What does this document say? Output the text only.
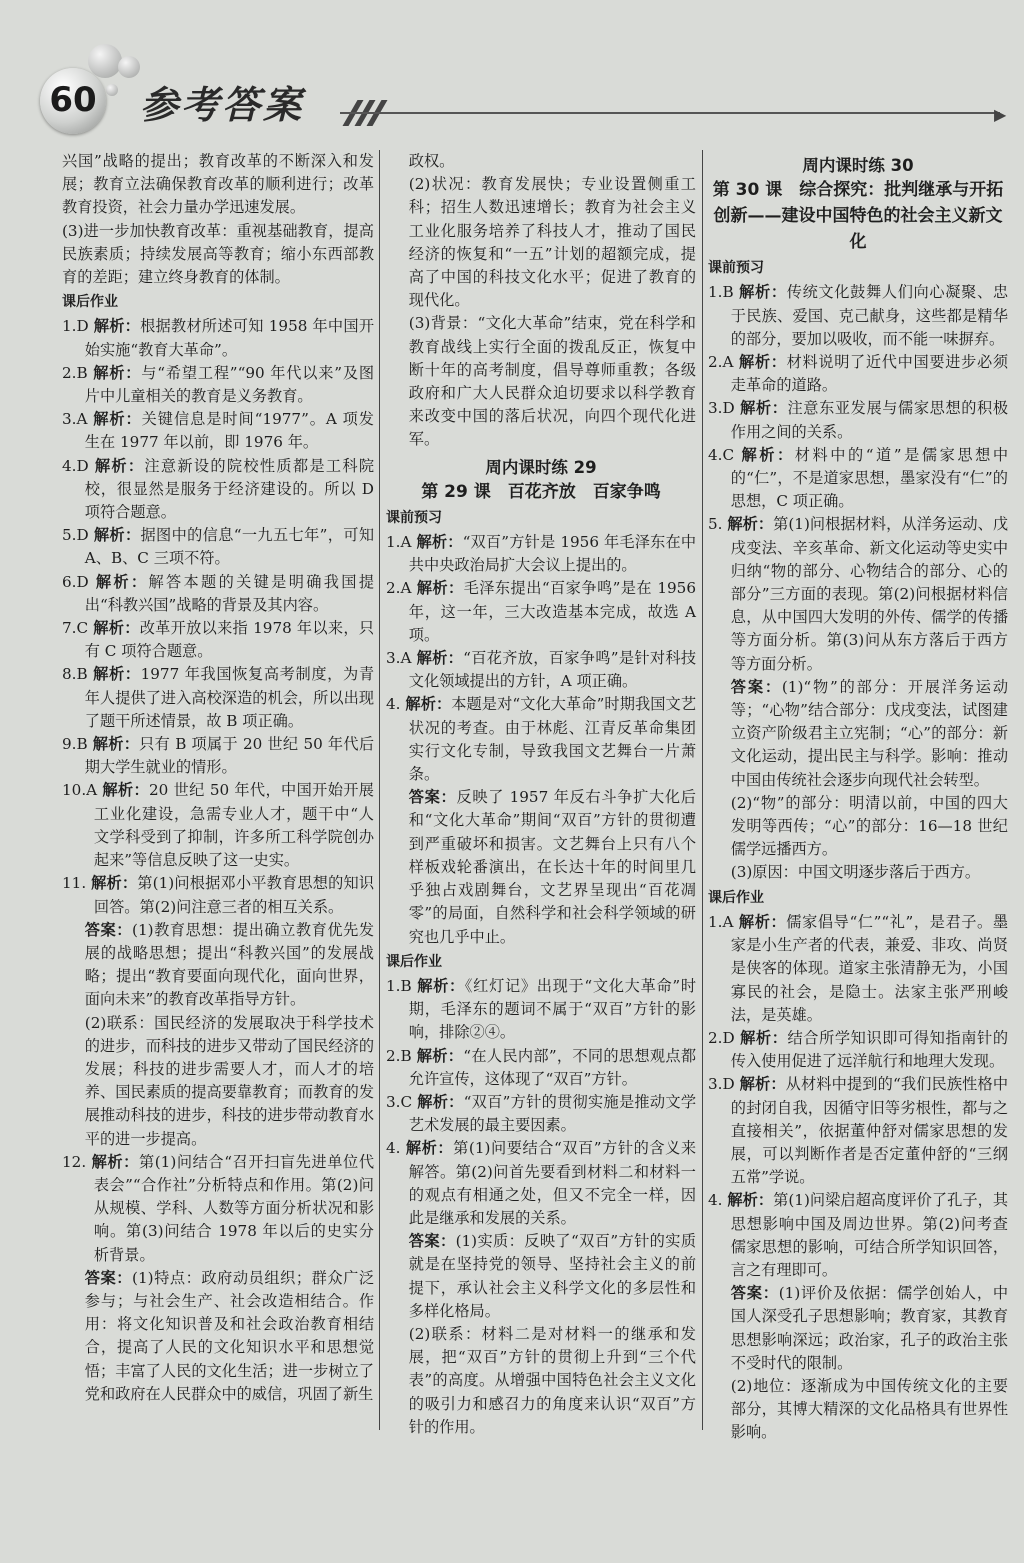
60 参考答案	▶

兴国”战略的提出；教育改革的不断深入和发展；教育立法确保教育改革的顺利进行；改革教育投资，社会力量办学迅速发展。

(3)进一步加快教育改革：重视基础教育，提高民族素质；持续发展高等教育；缩小东西部教育的差距；建立终身教育的体制。

课后作业

1.D 解析：根据教材所述可知 1958 年中国开始实施“教育大革命”。

2.B 解析：与“希望工程”“90 年代以来”及图片中儿童相关的教育是义务教育。

3.A 解析：关键信息是时间“1977”。A 项发生在 1977 年以前，即 1976 年。

4.D 解析：注意新设的院校性质都是工科院校，很显然是服务于经济建设的。所以 D 项符合题意。

5.D 解析：据图中的信息“一九五七年”，可知 A、B、C 三项不符。

6.D 解析：解答本题的关键是明确我国提出“科教兴国”战略的背景及其内容。

7.C 解析：改革开放以来指 1978 年以来，只有 C 项符合题意。

8.B 解析：1977 年我国恢复高考制度，为青年人提供了进入高校深造的机会，所以出现了题干所述情景，故 B 项正确。

9.B 解析：只有 B 项属于 20 世纪 50 年代后期大学生就业的情形。

10.A 解析：20 世纪 50 年代，中国开始开展工业化建设，急需专业人才，题干中“人文学科受到了抑制，许多所工科学院创办起来”等信息反映了这一史实。

11. 解析：第(1)问根据邓小平教育思想的知识回答。第(2)问注意三者的相互关系。

答案：(1)教育思想：提出确立教育优先发展的战略思想；提出“科教兴国”的发展战略；提出“教育要面向现代化，面向世界，面向未来”的教育改革指导方针。

(2)联系：国民经济的发展取决于科学技术的进步，而科技的进步又带动了国民经济的发展；科技的进步需要人才，而人才的培养、国民素质的提高要靠教育；而教育的发展推动科技的进步，科技的进步带动教育水平的进一步提高。

12. 解析：第(1)问结合“召开扫盲先进单位代表会”“合作社”分析特点和作用。第(2)问从规模、学科、人数等方面分析状况和影响。第(3)问结合 1978 年以后的史实分析背景。

答案：(1)特点：政府动员组织；群众广泛参与；与社会生产、社会改造相结合。作用：将文化知识普及和社会政治教育相结合，提高了人民的文化知识水平和思想觉悟；丰富了人民的文化生活；进一步树立了党和政府在人民群众中的威信，巩固了新生

政权。

(2)状况：教育发展快；专业设置侧重工科；招生人数迅速增长；教育为社会主义工业化服务培养了科技人才，推动了国民经济的恢复和“一五”计划的超额完成，提高了中国的科技文化水平；促进了教育的现代化。

(3)背景：“文化大革命”结束，党在科学和教育战线上实行全面的拨乱反正，恢复中断十年的高考制度，倡导尊师重教；各级政府和广大人民群众迫切要求以科学教育来改变中国的落后状况，向四个现代化进军。

周内课时练 29
第 29 课　百花齐放　百家争鸣
课前预习

1.A 解析：“双百”方针是 1956 年毛泽东在中共中央政治局扩大会议上提出的。

2.A 解析：毛泽东提出“百家争鸣”是在 1956 年，这一年，三大改造基本完成，故选 A 项。

3.A 解析：“百花齐放，百家争鸣”是针对科技文化领域提出的方针，A 项正确。

4. 解析：本题是对“文化大革命”时期我国文艺状况的考查。由于林彪、江青反革命集团实行文化专制，导致我国文艺舞台一片萧条。

答案：反映了 1957 年反右斗争扩大化后和“文化大革命”期间“双百”方针的贯彻遭到严重破坏和损害。文艺舞台上只有八个样板戏轮番演出，在长达十年的时间里几乎独占戏剧舞台，文艺界呈现出“百花凋零”的局面，自然科学和社会科学领域的研究也几乎中止。

课后作业

1.B 解析：《红灯记》出现于“文化大革命”时期，毛泽东的题词不属于“双百”方针的影响，排除②④。

2.B 解析：“在人民内部”，不同的思想观点都允许宣传，这体现了“双百”方针。

3.C 解析：“双百”方针的贯彻实施是推动文学艺术发展的最主要因素。

4. 解析：第(1)问要结合“双百”方针的含义来解答。第(2)问首先要看到材料二和材料一的观点有相通之处，但又不完全一样，因此是继承和发展的关系。

答案：(1)实质：反映了“双百”方针的实质就是在坚持党的领导、坚持社会主义的前提下，承认社会主义科学文化的多层性和多样化格局。

(2)联系：材料二是对材料一的继承和发展，把“双百”方针的贯彻上升到“三个代表”的高度。从增强中国特色社会主义文化的吸引力和感召力的角度来认识“双百”方针的作用。

周内课时练 30
第 30 课　综合探究：批判继承与开拓创新——建设中国特色的社会主义新文化
课前预习

1.B 解析：传统文化鼓舞人们向心凝聚、忠于民族、爱国、克己献身，这些都是精华的部分，要加以吸收，而不能一味摒弃。

2.A 解析：材料说明了近代中国要进步必须走革命的道路。

3.D 解析：注意东亚发展与儒家思想的积极作用之间的关系。

4.C 解析：材料中的“道”是儒家思想中的“仁”，不是道家思想，墨家没有“仁”的思想，C 项正确。

5. 解析：第(1)问根据材料，从洋务运动、戊戌变法、辛亥革命、新文化运动等史实中归纳“物的部分、心物结合的部分、心的部分”三方面的表现。第(2)问根据材料信息，从中国四大发明的外传、儒学的传播等方面分析。第(3)问从东方落后于西方等方面分析。

答案：(1)“物”的部分：开展洋务运动等；“心物”结合部分：戊戌变法，试图建立资产阶级君主立宪制；“心”的部分：新文化运动，提出民主与科学。影响：推动中国由传统社会逐步向现代社会转型。

(2)“物”的部分：明清以前，中国的四大发明等西传；“心”的部分：16—18 世纪儒学远播西方。

(3)原因：中国文明逐步落后于西方。

课后作业

1.A 解析：儒家倡导“仁”“礼”，是君子。墨家是小生产者的代表，兼爱、非攻、尚贤是侠客的体现。道家主张清静无为，小国寡民的社会，是隐士。法家主张严刑峻法，是英雄。

2.D 解析：结合所学知识即可得知指南针的传入使用促进了远洋航行和地理大发现。

3.D 解析：从材料中提到的“我们民族性格中的封闭自我，因循守旧等劣根性，都与之直接相关”，依据董仲舒对儒家思想的发展，可以判断作者是否定董仲舒的“三纲五常”学说。

4. 解析：第(1)问梁启超高度评价了孔子，其思想影响中国及周边世界。第(2)问考查儒家思想的影响，可结合所学知识回答，言之有理即可。

答案：(1)评价及依据：儒学创始人，中国人深受孔子思想影响；教育家，其教育思想影响深远；政治家，孔子的政治主张不受时代的限制。

(2)地位：逐渐成为中国传统文化的主要部分，其博大精深的文化品格具有世界性影响。
